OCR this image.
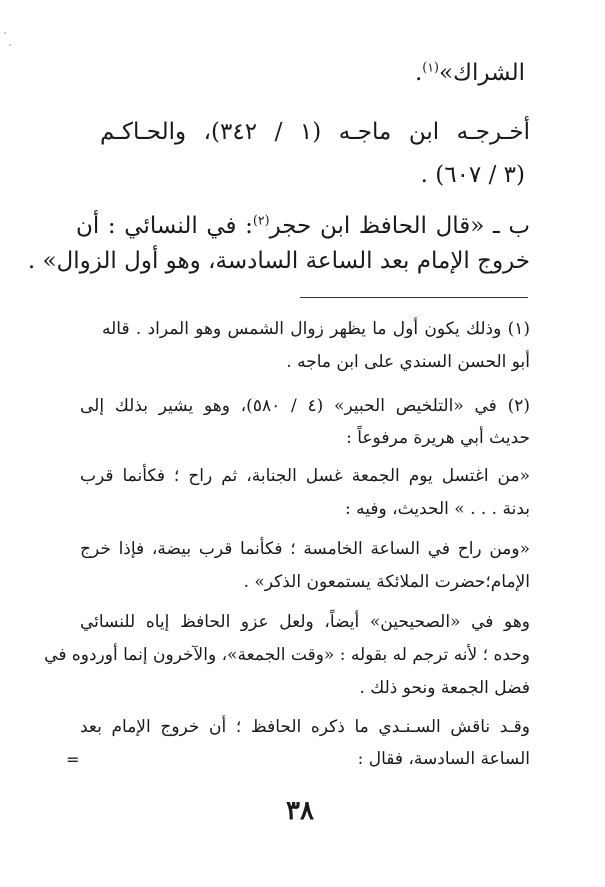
الشراك»$^{(١)}$.

أخـرجـه ابن ماجـه (١ / ٣٤٢)، والحـاكـم

(٣ / ٦٠٧) .

ب ـ «قال الحافظ ابن حجر$^{(٢)}$: في النسائي : أن

خروج الإمام بعد الساعة السادسة، وهو أول الزوال» .

(١) وذلك يكون أول ما يظهر زوال الشمس وهو المراد . قاله

أبو الحسن السندي على ابن ماجه .

(٢) في «التلخيص الحبير» (٤ / ٥٨٠)، وهو يشير بذلك إلى

حديث أبي هريرة مرفوعاً :

«من اغتسل يوم الجمعة غسل الجنابة، ثم راح ؛ فكأنما قرب

بدنة . . . » الحديث، وفيه :

«ومن راح في الساعة الخامسة ؛ فكأنما قرب بيضة، فإذا خرج

الإمام؛حضرت الملائكة يستمعون الذكر» .

وهو في «الصحيحين» أيضاً، ولعل عزو الحافظ إياه للنسائي

وحده ؛ لأنه ترجم له بقوله : «وقت الجمعة»، والآخرون إنما أوردوه في

فضل الجمعة ونحو ذلك .

وقـد ناقش السـنـدي ما ذكره الحافظ ؛ أن خروج الإمام بعد

الساعة السادسة، فقال :

=
٣٨
